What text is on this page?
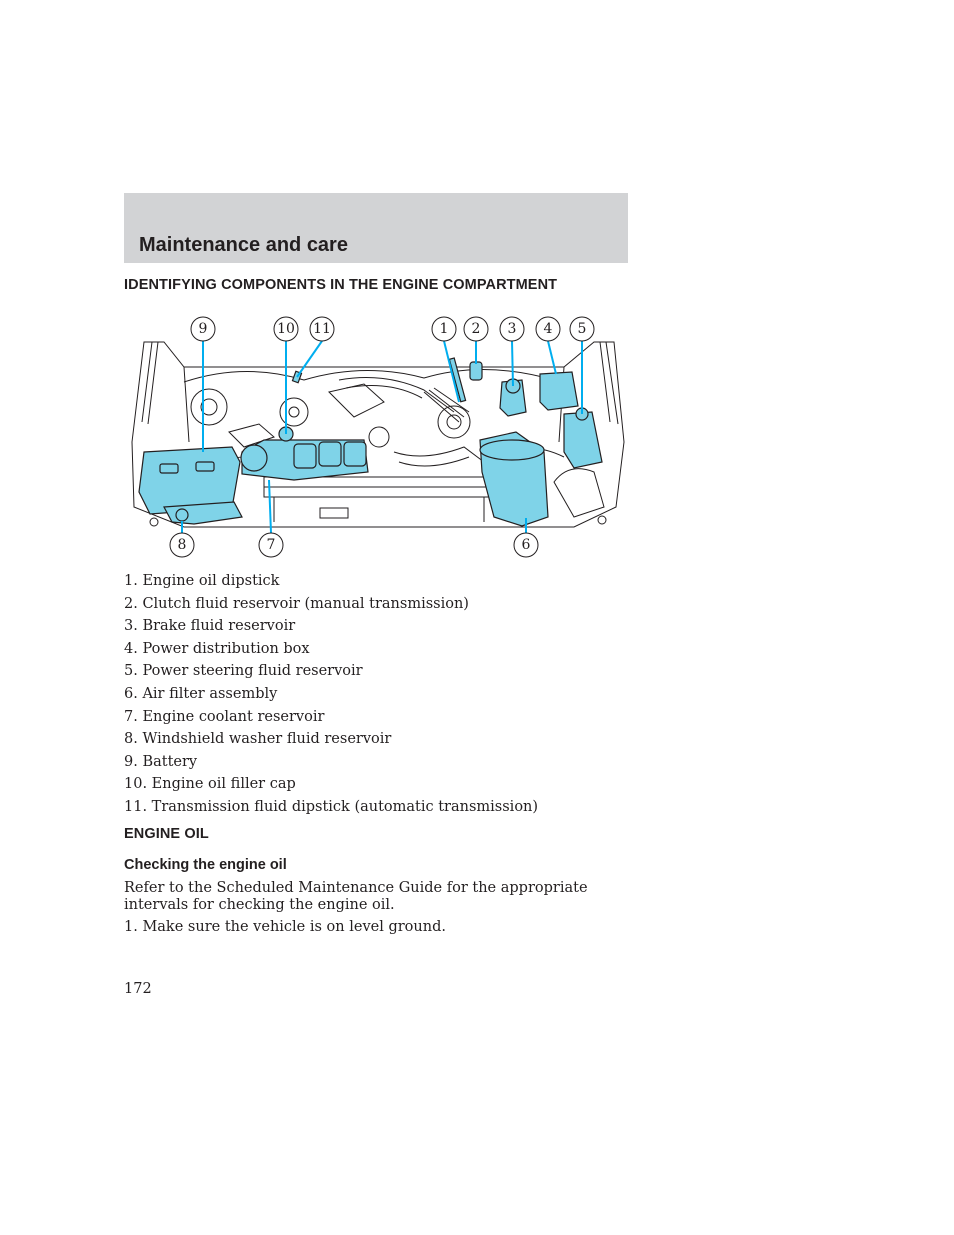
Maintenance and care
IDENTIFYING COMPONENTS IN THE ENGINE COMPARTMENT
1 2 3 4 5
6
7
8
9	10 11
1. Engine oil dipstick
2. Clutch fluid reservoir (manual transmission)
3. Brake fluid reservoir
4. Power distribution box
5. Power steering fluid reservoir
6. Air filter assembly
7. Engine coolant reservoir
8. Windshield washer fluid reservoir
9. Battery
10. Engine oil filler cap
11. Transmission fluid dipstick (automatic transmission)
ENGINE OIL
Checking the engine oil
Refer to the Scheduled Maintenance Guide for the appropriate intervals for checking the engine oil.
1. Make sure the vehicle is on level ground.
172
